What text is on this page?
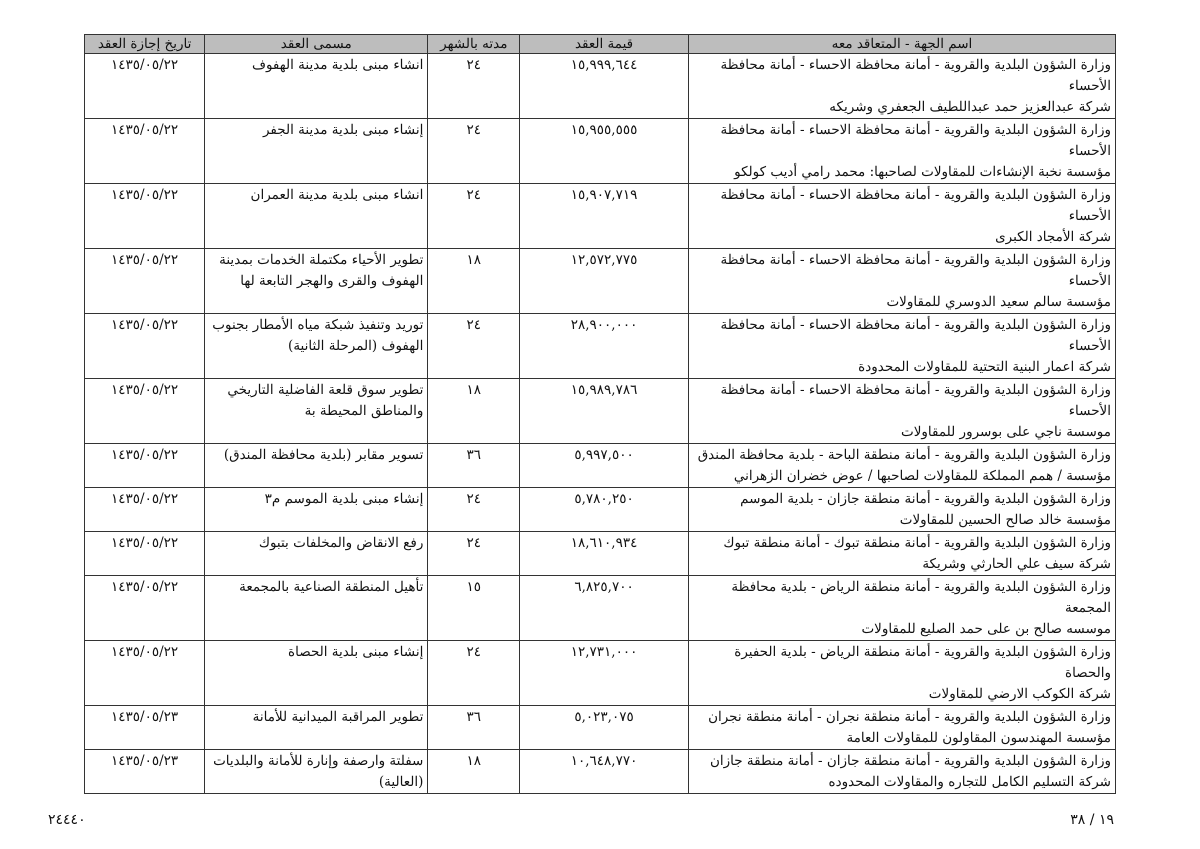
اسم الجهة - المتعاقد معه	قيمة العقد	مدته بالشهر	مسمى العقد	تاريخ إجازة العقد

وزارة الشؤون البلدية والقروية - أمانة محافظة الاحساء - أمانة محافظة الأحساء
شركة عبدالعزيز حمد عبداللطيف الجعفري وشريكه	١٥,٩٩٩,٦٤٤	٢٤	انشاء مبنى بلدية مدينة الهفوف	١٤٣٥/٠٥/٢٢

وزارة الشؤون البلدية والقروية - أمانة محافظة الاحساء - أمانة محافظة الأحساء
مؤسسة نخبة الإنشاءات للمقاولات لصاحبها: محمد رامي أديب كولكو	١٥,٩٥٥,٥٥٥	٢٤	إنشاء مبنى بلدية مدينة الجفر	١٤٣٥/٠٥/٢٢

وزارة الشؤون البلدية والقروية - أمانة محافظة الاحساء - أمانة محافظة الأحساء
شركة الأمجاد الكبرى	١٥,٩٠٧,٧١٩	٢٤	انشاء مبنى بلدية مدينة العمران	١٤٣٥/٠٥/٢٢

وزارة الشؤون البلدية والقروية - أمانة محافظة الاحساء - أمانة محافظة الأحساء
مؤسسة سالم سعيد الدوسري للمقاولات	١٢,٥٧٢,٧٧٥	١٨	تطوير الأحياء مكتملة الخدمات بمدينة الهفوف والقرى والهجر التابعة لها	١٤٣٥/٠٥/٢٢

وزارة الشؤون البلدية والقروية - أمانة محافظة الاحساء - أمانة محافظة الأحساء
شركة اعمار البنية التحتية للمقاولات المحدودة	٢٨,٩٠٠,٠٠٠	٢٤	توريد وتنفيذ شبكة مياه الأمطار بجنوب الهفوف (المرحلة الثانية)	١٤٣٥/٠٥/٢٢

وزارة الشؤون البلدية والقروية - أمانة محافظة الاحساء - أمانة محافظة الأحساء
موسسة ناجي على بوسرور للمقاولات	١٥,٩٨٩,٧٨٦	١٨	تطوير سوق قلعة الفاضلية التاريخي والمناطق المحيطة بة	١٤٣٥/٠٥/٢٢

وزارة الشؤون البلدية والقروية - أمانة منطقة الباحة - بلدية محافظة المندق
مؤسسة / همم المملكة للمقاولات لصاحبها / عوض خضران الزهراني	٥,٩٩٧,٥٠٠	٣٦	تسوير مقابر (بلدية محافظة المندق)	١٤٣٥/٠٥/٢٢

وزارة الشؤون البلدية والقروية - أمانة منطقة جازان - بلدية الموسم
مؤسسة خالد صالح الحسين للمقاولات	٥,٧٨٠,٢٥٠	٢٤	إنشاء مبنى بلدية الموسم م٣	١٤٣٥/٠٥/٢٢

وزارة الشؤون البلدية والقروية - أمانة منطقة تبوك - أمانة منطقة تبوك
شركة سيف علي الحارثي وشريكة	١٨,٦١٠,٩٣٤	٢٤	رفع الانقاض والمخلفات بتبوك	١٤٣٥/٠٥/٢٢

وزارة الشؤون البلدية والقروية - أمانة منطقة الرياض - بلدية محافظة المجمعة
موسسه صالح بن على حمد الصليع للمقاولات	٦,٨٢٥,٧٠٠	١٥	تأهيل المنطقة الصناعية بالمجمعة	١٤٣٥/٠٥/٢٢

وزارة الشؤون البلدية والقروية - أمانة منطقة الرياض - بلدية الحفيرة والحصاة
شركة الكوكب الارضي للمقاولات	١٢,٧٣١,٠٠٠	٢٤	إنشاء مبنى بلدية الحصاة	١٤٣٥/٠٥/٢٢

وزارة الشؤون البلدية والقروية - أمانة منطقة نجران - أمانة منطقة نجران
مؤسسة المهندسون المقاولون للمقاولات العامة	٥,٠٢٣,٠٧٥	٣٦	تطوير المراقبة الميدانية للأمانة	١٤٣٥/٠٥/٢٣

وزارة الشؤون البلدية والقروية - أمانة منطقة جازان - أمانة منطقة جازان
شركة التسليم الكامل للتجاره والمقاولات المحدوده	١٠,٦٤٨,٧٧٠	١٨	سفلتة وارصفة وإنارة للأمانة والبلديات (العالية)	١٤٣٥/٠٥/٢٣
١٩ / ٣٨
٢٤٤٤٠
